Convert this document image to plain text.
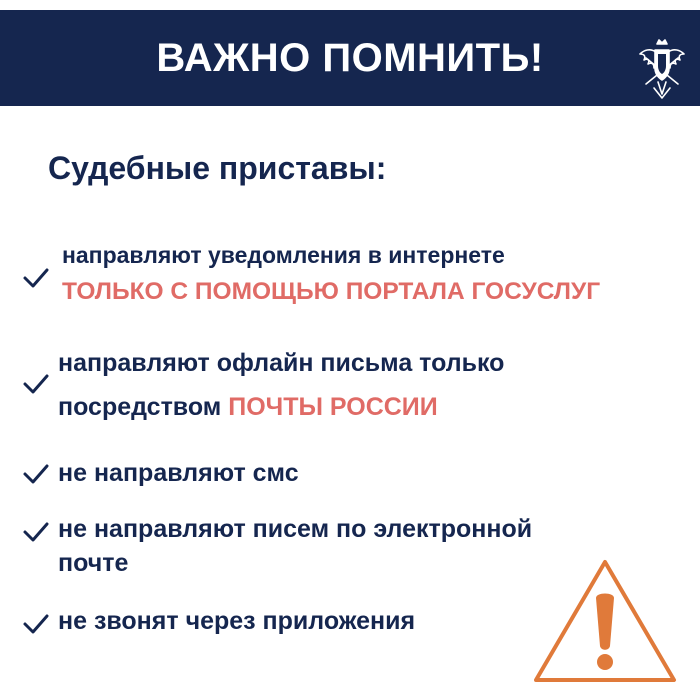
ВАЖНО ПОМНИТЬ!
Судебные приставы:
направляют уведомления в интернете
ТОЛЬКО С ПОМОЩЬЮ ПОРТАЛА ГОСУСЛУГ
направляют офлайн письма только
посредством ПОЧТЫ РОССИИ
не направляют смс
не направляют писем по электронной
почте
не звонят через приложения
